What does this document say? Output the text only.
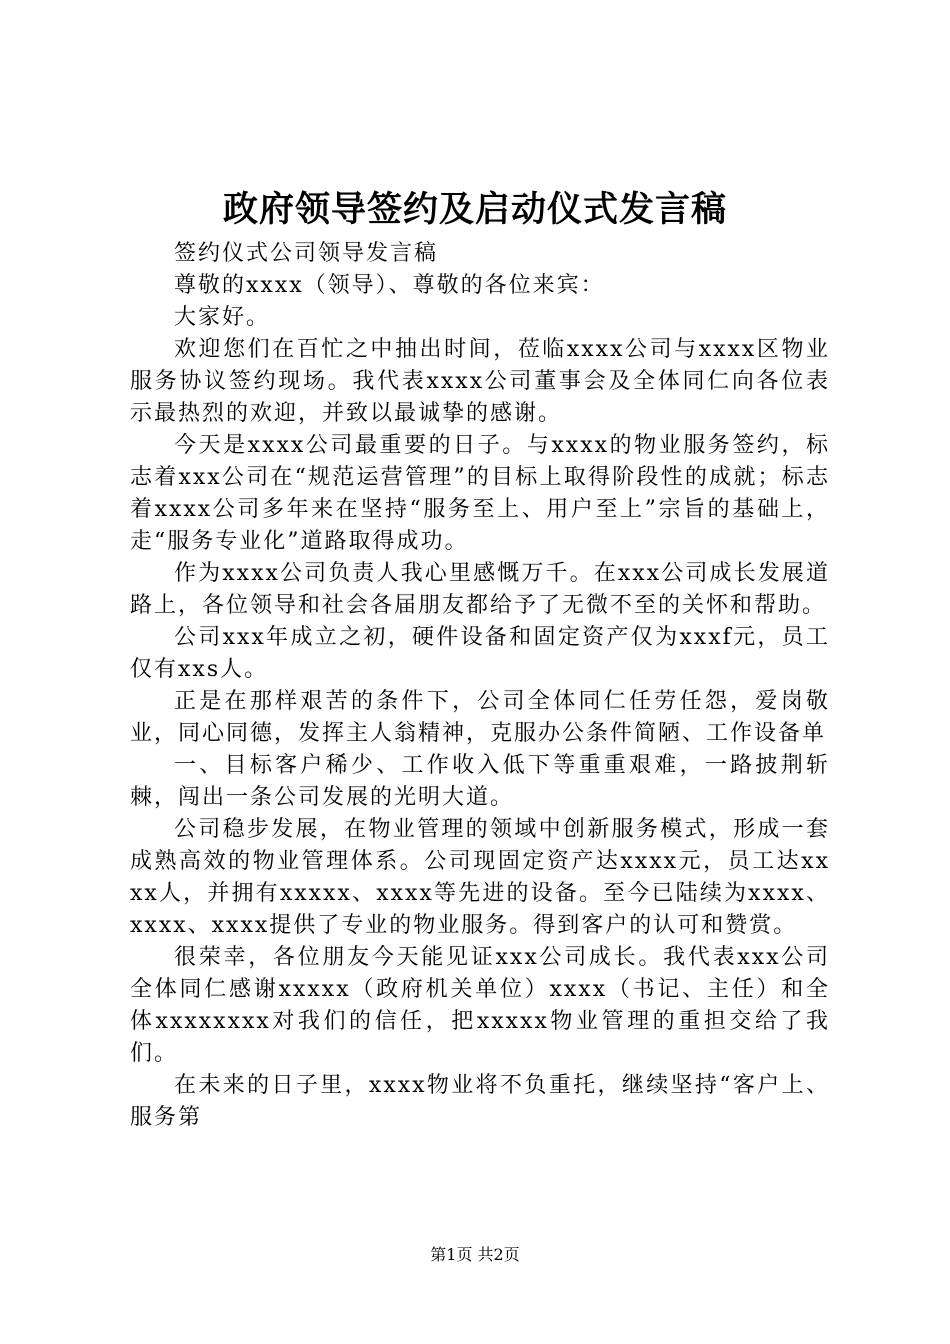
政府领导签约及启动仪式发言稿

签约仪式公司领导发言稿

尊敬的xxxx（领导）、尊敬的各位来宾：

大家好。

欢迎您们在百忙之中抽出时间，莅临xxxx公司与xxxx区物业服务协议签约现场。我代表xxxx公司董事会及全体同仁向各位表示最热烈的欢迎，并致以最诚挚的感谢。

今天是xxxx公司最重要的日子。与xxxx的物业服务签约，标志着xxx公司在“规范运营管理”的目标上取得阶段性的成就；标志着xxxx公司多年来在坚持“服务至上、用户至上”宗旨的基础上，走“服务专业化”道路取得成功。

作为xxxx公司负责人我心里感慨万千。在xxx公司成长发展道路上，各位领导和社会各届朋友都给予了无微不至的关怀和帮助。

公司xxx年成立之初，硬件设备和固定资产仅为xxxf元，员工仅有xxs人。

正是在那样艰苦的条件下，公司全体同仁任劳任怨，爱岗敬业，同心同德，发挥主人翁精神，克服办公条件简陋、工作设备单

一、目标客户稀少、工作收入低下等重重艰难，一路披荆斩棘，闯出一条公司发展的光明大道。

公司稳步发展，在物业管理的领域中创新服务模式，形成一套成熟高效的物业管理体系。公司现固定资产达xxxx元，员工达xxxx人，并拥有xxxxx、xxxx等先进的设备。至今已陆续为xxxx、xxxx、xxxx提供了专业的物业服务。得到客户的认可和赞赏。

很荣幸，各位朋友今天能见证xxx公司成长。我代表xxx公司全体同仁感谢xxxxx（政府机关单位）xxxx（书记、主任）和全体xxxxxxxx对我们的信任，把xxxxx物业管理的重担交给了我们。

在未来的日子里，xxxx物业将不负重托，继续坚持“客户上、服务第

第1页 共2页
